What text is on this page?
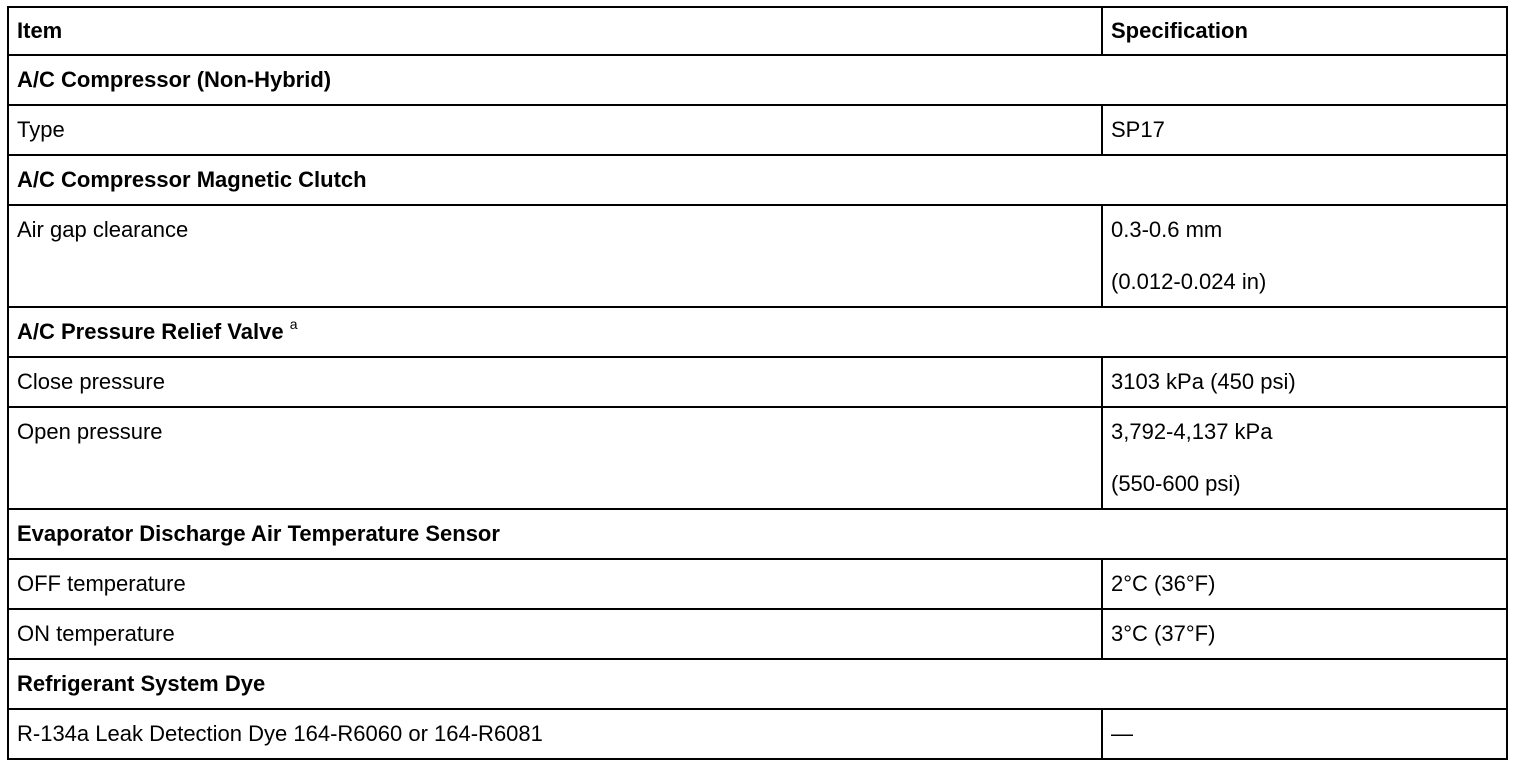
Item	Specification
A/C Compressor (Non-Hybrid)	
Type	SP17
A/C Compressor Magnetic Clutch	
Air gap clearance	0.3-0.6 mm
(0.012-0.024 in)

A/C Pressure Relief Valve $^a$
Close pressure	3103 kPa (450 psi)
Open pressure	3,792-4,137 kPa
(550-600 psi)

Evaporator Discharge Air Temperature Sensor	
OFF temperature	2°C (36°F)
ON temperature	3°C (37°F)
Refrigerant System Dye	
R-134a Leak Detection Dye 164-R6060 or 164-R6081	—
